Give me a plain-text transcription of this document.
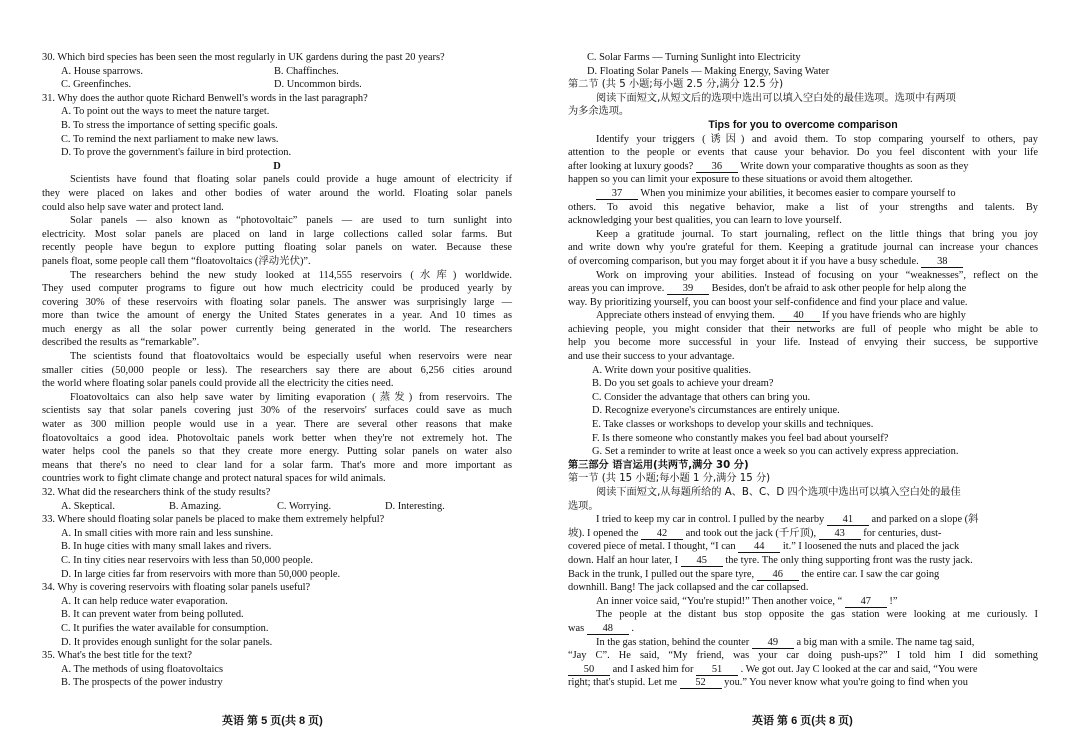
30. Which bird species has been seen the most regularly in UK gardens during the past 20 years?
A. House sparrows.	B. Chaffinches.
C. Greenfinches.	D. Uncommon birds.
31. Why does the author quote Richard Benwell's words in the last paragraph?
A. To point out the ways to meet the nature target.
B. To stress the importance of setting specific goals.
C. To remind the next parliament to make new laws.
D. To prove the government's failure in bird protection.
D
Scientists have found that floating solar panels could provide a huge amount of electricity if
they were placed on lakes and other bodies of water around the world. Floating solar panels
could also help save water and protect land.
Solar panels — also known as “photovoltaic” panels — are used to turn sunlight into
electricity. Most solar panels are placed on land in large collections called solar farms. But
recently people have begun to explore putting floating solar panels on water. Because these
panels float, some people call them “floatovoltaics (浮动光伏)”.
The researchers behind the new study looked at 114,555 reservoirs (水库) worldwide.
They used computer programs to figure out how much electricity could be produced yearly by
covering 30% of these reservoirs with floating solar panels. The answer was surprisingly large —
more than twice the amount of energy the United States generates in a year. And 10 times as
much energy as all the solar power currently being generated in the world. The researchers
described the results as “remarkable”.
The scientists found that floatovoltaics would be especially useful when reservoirs were near
smaller cities (50,000 people or less). The researchers say there are about 6,256 cities around
the world where floating solar panels could provide all the electricity the cities need.
Floatovoltaics can also help save water by limiting evaporation (蒸发) from reservoirs. The
scientists say that solar panels covering just 30% of the reservoirs' surfaces could save as much
water as 300 million people would use in a year. There are several other reasons that make
floatovoltaics a good idea. Photovoltaic panels work better when they're not extremely hot. The
water helps cool the panels so that they create more energy. Putting solar panels on water also
means that there's no need to clear land for a solar farm. That's more and more important as
countries work to fight climate change and protect natural spaces for wild animals.
32. What did the researchers think of the study results?
A. Skeptical.	B. Amazing.	C. Worrying.	D. Interesting.
33. Where should floating solar panels be placed to make them extremely helpful?
A. In small cities with more rain and less sunshine.
B. In huge cities with many small lakes and rivers.
C. In tiny cities near reservoirs with less than 50,000 people.
D. In large cities far from reservoirs with more than 50,000 people.
34. Why is covering reservoirs with floating solar panels useful?
A. It can help reduce water evaporation.
B. It can prevent water from being polluted.
C. It purifies the water available for consumption.
D. It provides enough sunlight for the solar panels.
35. What's the best title for the text?
A. The methods of using floatovoltaics
B. The prospects of the power industry
C. Solar Farms — Turning Sunlight into Electricity
D. Floating Solar Panels — Making Energy, Saving Water
第二节 (共 5 小题;每小题 2.5 分,满分 12.5 分)
阅读下面短文,从短文后的选项中选出可以填入空白处的最佳选项。选项中有两项
为多余选项。
Tips for you to overcome comparison
Identify your triggers (诱因) and avoid them. To stop comparing yourself to others, pay
attention to the people or events that cause your behavior. Do you feel discontent with your life
after looking at luxury goods? 36 Write down your comparative thoughts as soon as they
happen so you can limit your exposure to these situations or avoid them altogether.
37 When you minimize your abilities, it becomes easier to compare yourself to
others. To avoid this negative behavior, make a list of your strengths and talents. By
acknowledging your best qualities, you can learn to love yourself.
Keep a gratitude journal. To start journaling, reflect on the little things that bring you joy
and write down why you're grateful for them. Keeping a gratitude journal can increase your chances
of overcoming comparison, but you may forget about it if you have a busy schedule. 38
Work on improving your abilities. Instead of focusing on your “weaknesses”, reflect on the
areas you can improve. 39 Besides, don't be afraid to ask other people for help along the
way. By prioritizing yourself, you can boost your self-confidence and find your place and value.
Appreciate others instead of envying them. 40 If you have friends who are highly
achieving people, you might consider that their networks are full of people who might be able to
help you become more successful in your life. Instead of envying their success, be supportive
and use their success to your advantage.
A. Write down your positive qualities.
B. Do you set goals to achieve your dream?
C. Consider the advantage that others can bring you.
D. Recognize everyone's circumstances are entirely unique.
E. Take classes or workshops to develop your skills and techniques.
F. Is there someone who constantly makes you feel bad about yourself?
G. Set a reminder to write at least once a week so you can actively express appreciation.
第三部分 语言运用(共两节,满分 30 分)
第一节 (共 15 小题;每小题 1 分,满分 15 分)
阅读下面短文,从每题所给的 A、B、C、D 四个选项中选出可以填入空白处的最佳
选项。
I tried to keep my car in control. I pulled by the nearby 41 and parked on a slope (斜
坡). I opened the 42 and took out the jack (千斤顶), 43 for centuries, dust-
covered piece of metal. I thought, “I can 44 it.” I loosened the nuts and placed the jack
down. Half an hour later, I 45 the tyre. The only thing supporting front was the rusty jack.
Back in the trunk, I pulled out the spare tyre, 46 the entire car. I saw the car going
downhill. Bang! The jack collapsed and the car collapsed.
An inner voice said, “You're stupid!” Then another voice, “ 47 !”
The people at the distant bus stop opposite the gas station were looking at me curiously. I
was 48 .
In the gas station, behind the counter 49 a big man with a smile. The name tag said,
“Jay C”. He said, “My friend, was your car doing push-ups?” I told him I did something
50 and I asked him for 51 . We got out. Jay C looked at the car and said, “You were
right; that's stupid. Let me 52 you.” You never know what you're going to find when you
英语 第 5 页(共 8 页)	英语 第 6 页(共 8 页)
